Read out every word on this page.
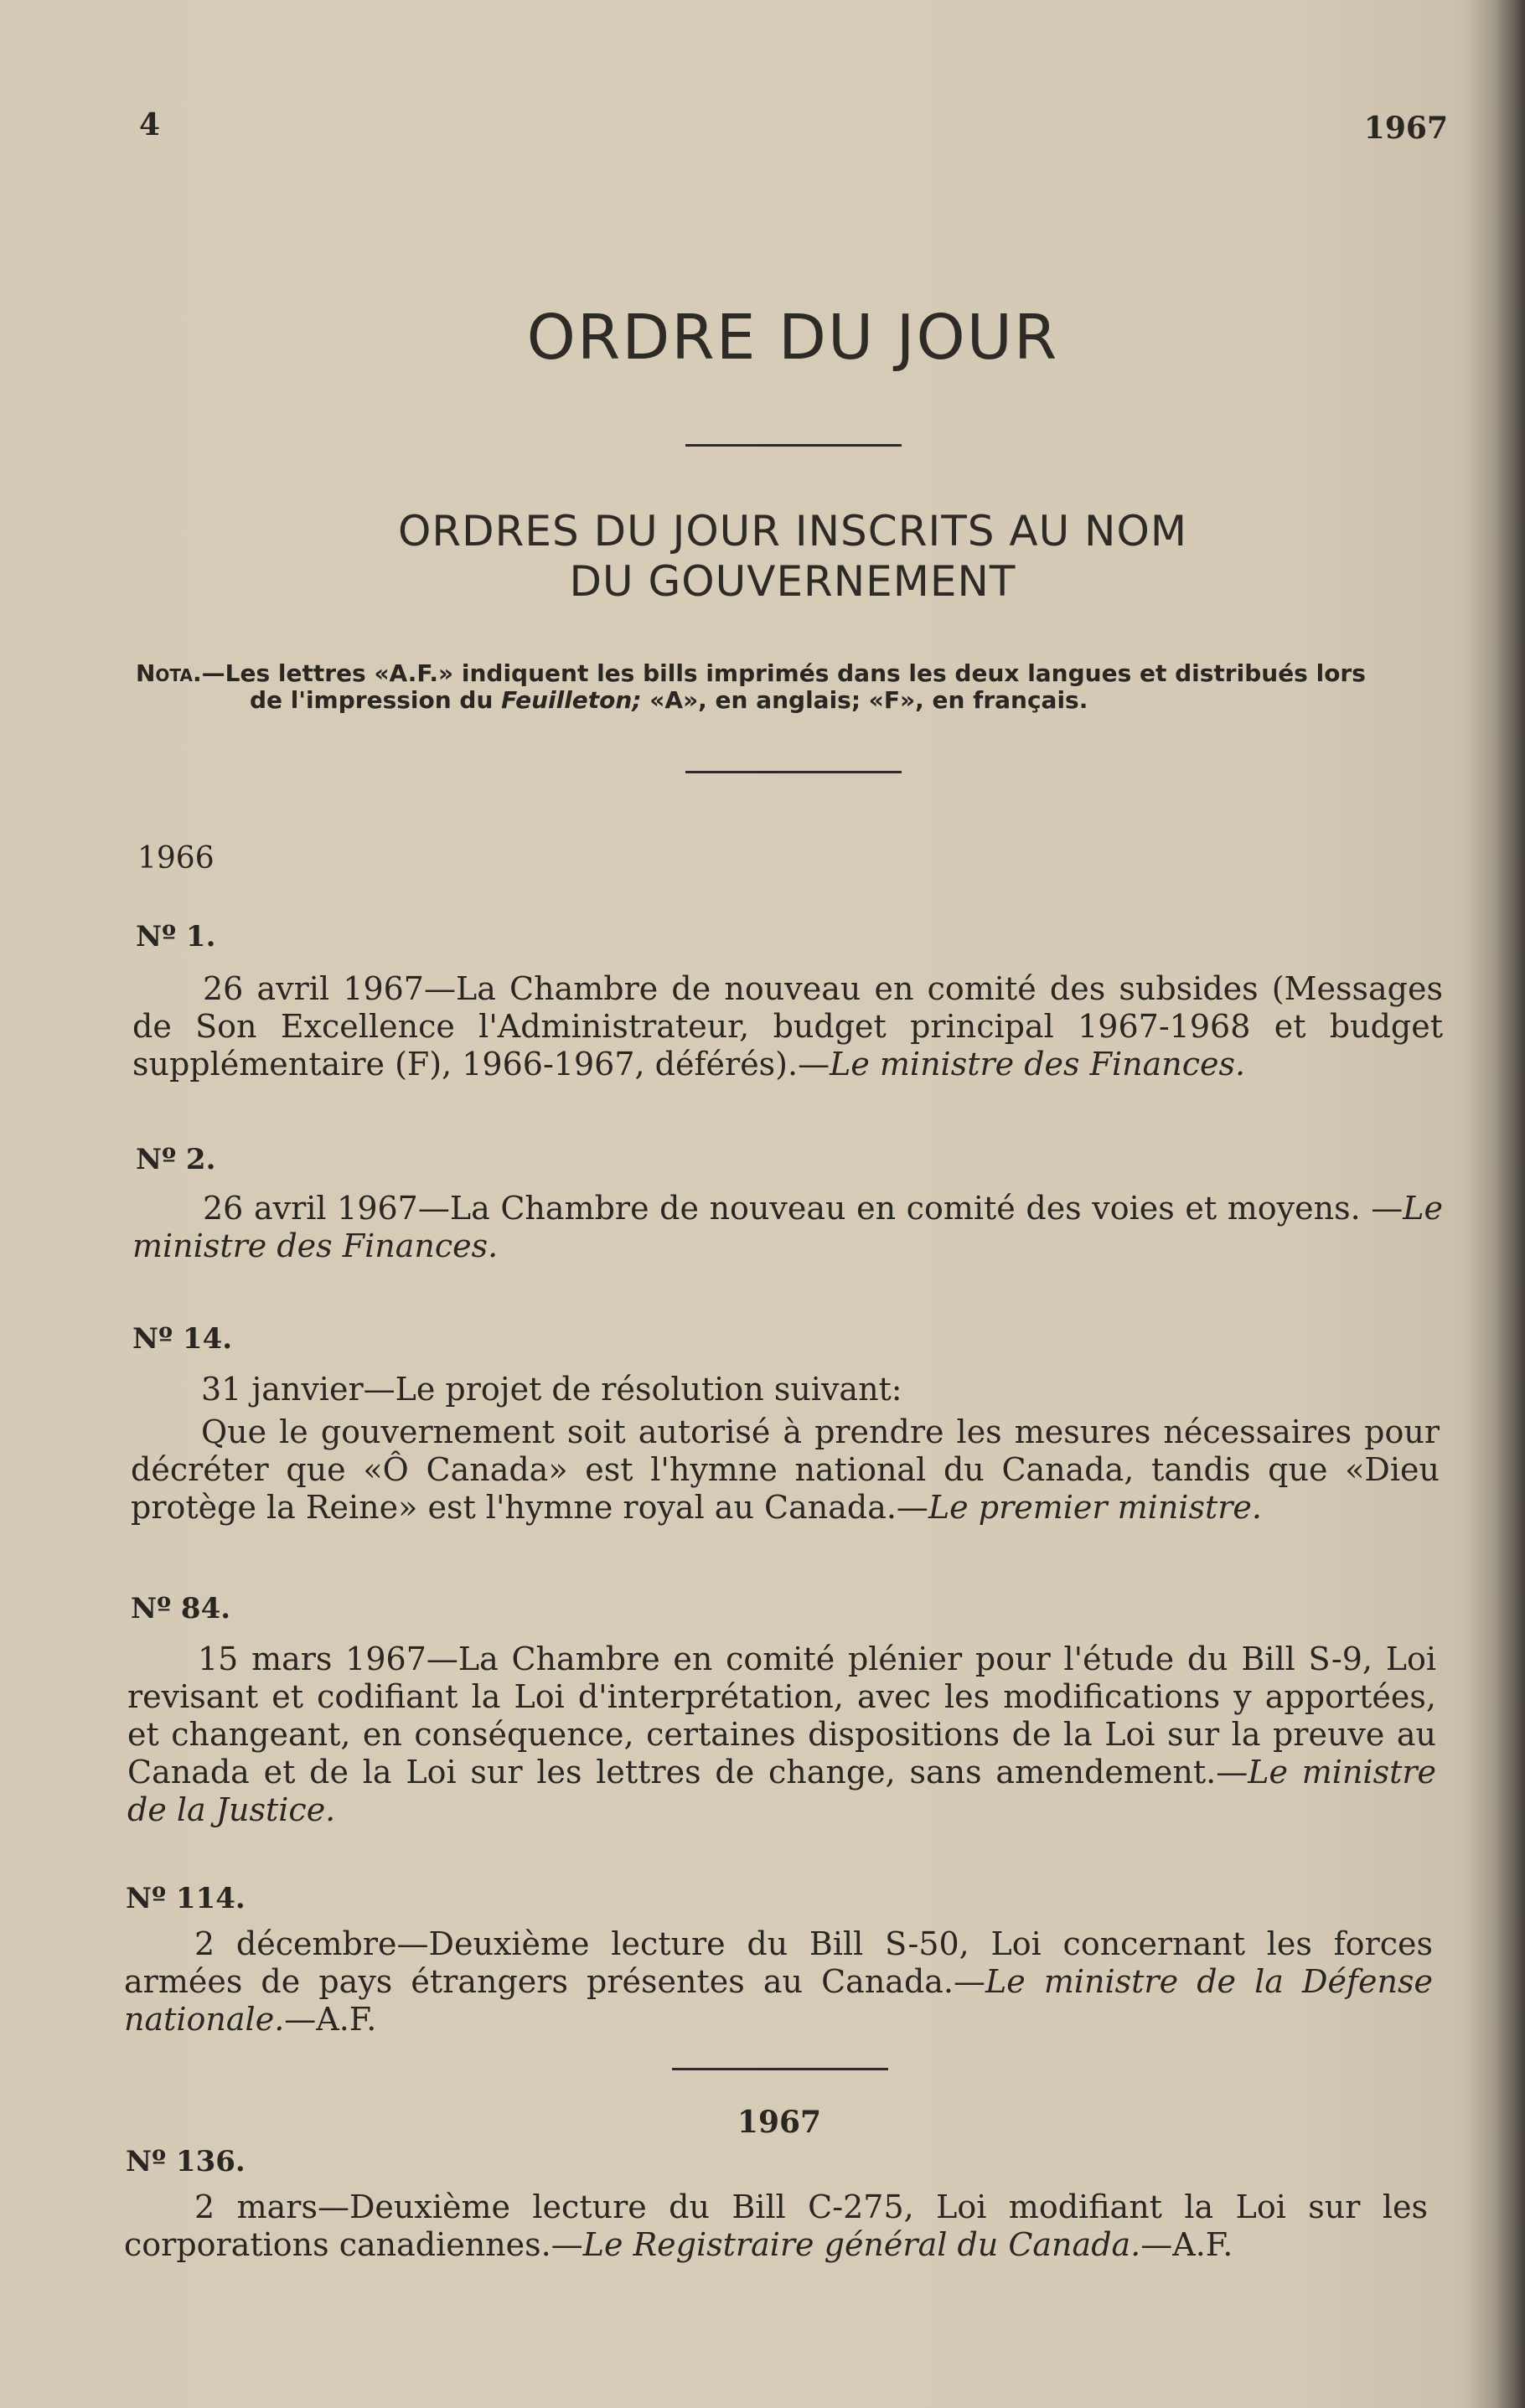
4	1967
ORDRE DU JOUR
ORDRES DU JOUR INSCRITS AU NOM
DU GOUVERNEMENT
Nota.—Les lettres «A.F.» indiquent les bills imprimés dans les deux langues et distribués lors
de l'impression du Feuilleton; «A», en anglais; «F», en français.
1966
Nº 1.
26 avril 1967—La Chambre de nouveau en comité des subsides (Messages de Son Excellence l'Administrateur, budget principal 1967-1968 et budget supplémentaire (F), 1966-1967, déférés).—Le ministre des Finances.
Nº 2.
26 avril 1967—La Chambre de nouveau en comité des voies et moyens. —Le ministre des Finances.
Nº 14.
31 janvier—Le projet de résolution suivant:
Que le gouvernement soit autorisé à prendre les mesures nécessaires pour décréter que «Ô Canada» est l'hymne national du Canada, tandis que «Dieu protège la Reine» est l'hymne royal au Canada.—Le premier ministre.
Nº 84.
15 mars 1967—La Chambre en comité plénier pour l'étude du Bill S-9, Loi revisant et codifiant la Loi d'interprétation, avec les modifications y apportées, et changeant, en conséquence, certaines dispositions de la Loi sur la preuve au Canada et de la Loi sur les lettres de change, sans amendement.—Le ministre de la Justice.
Nº 114.
2 décembre—Deuxième lecture du Bill S-50, Loi concernant les forces armées de pays étrangers présentes au Canada.—Le ministre de la Défense nationale.—A.F.
1967
Nº 136.
2 mars—Deuxième lecture du Bill C-275, Loi modifiant la Loi sur les corporations canadiennes.—Le Registraire général du Canada.—A.F.
